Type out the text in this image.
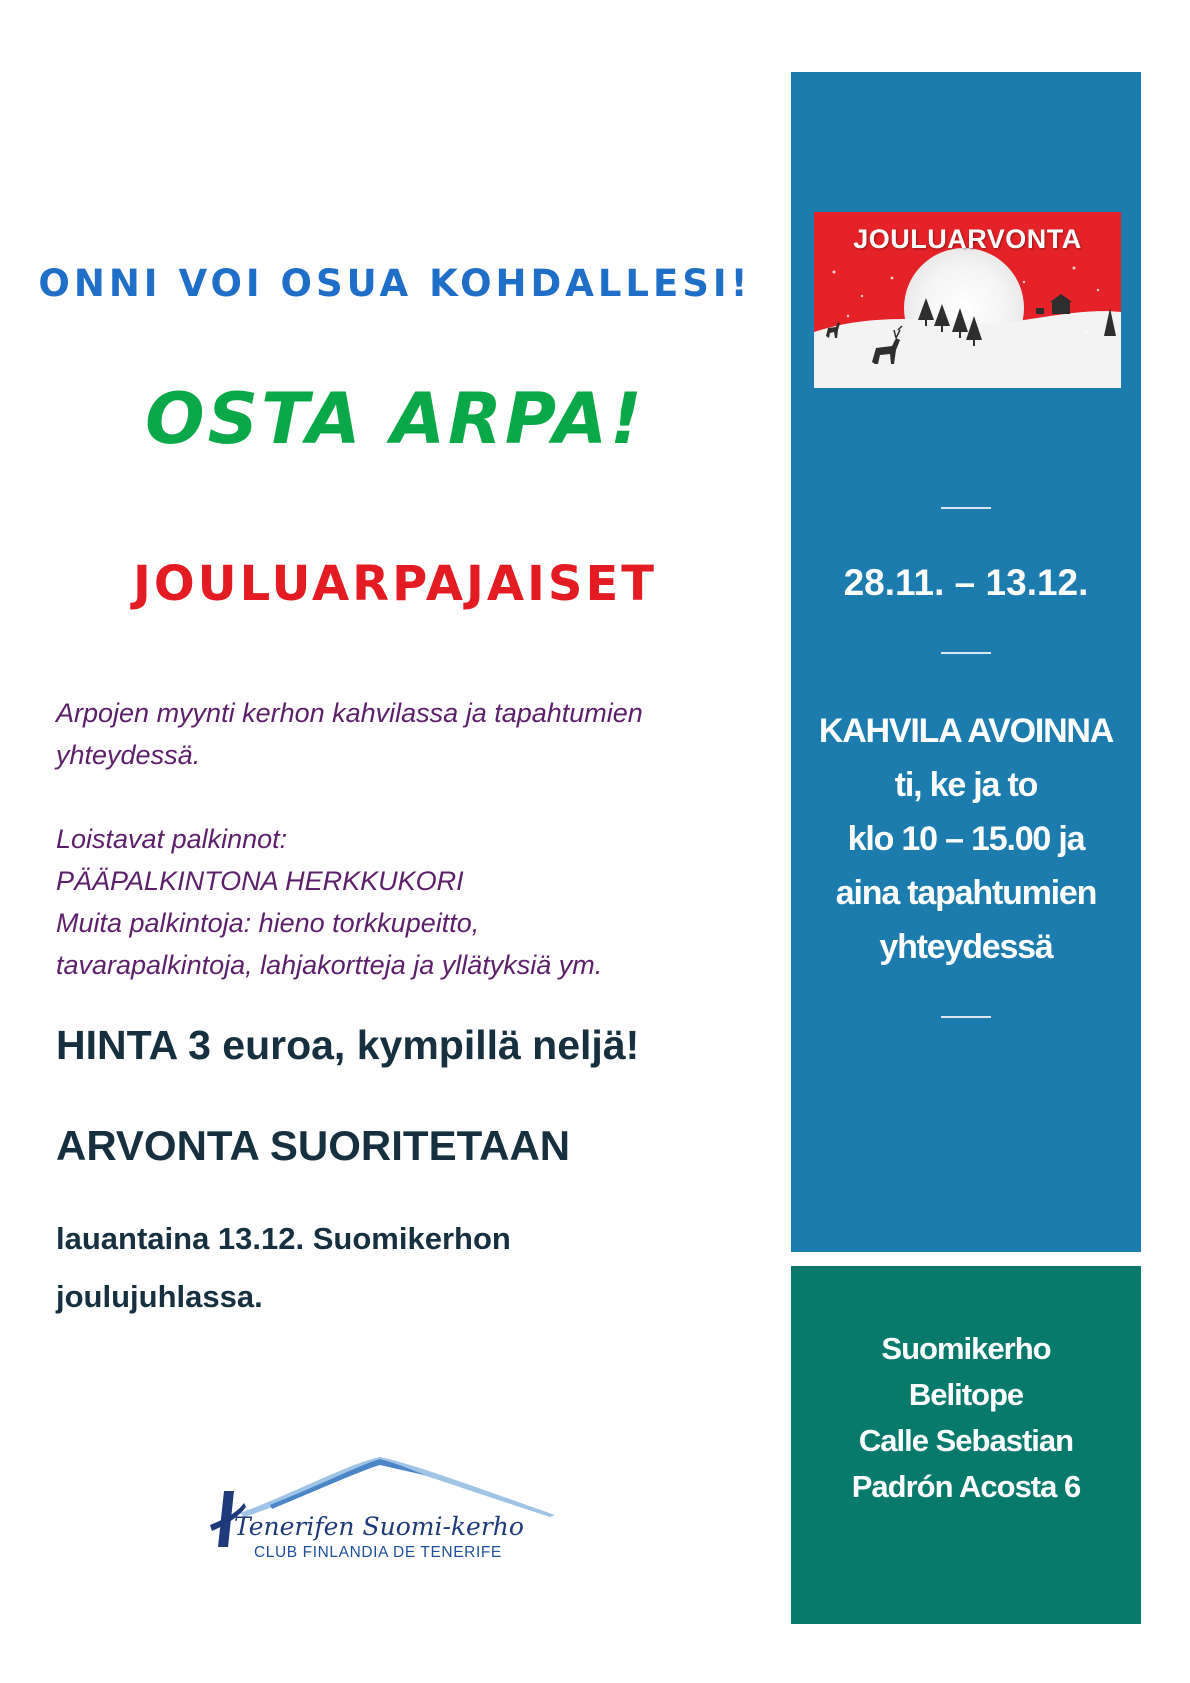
ONNI VOI OSUA KOHDALLESI!
OSTA ARPA!
JOULUARPAJAISET
Arpojen myynti kerhon kahvilassa ja tapahtumien
yhteydessä.
Loistavat palkinnot:
PÄÄPALKINTONA HERKKUKORI
Muita palkintoja: hieno torkkupeitto,
tavarapalkintoja, lahjakortteja ja yllätyksiä ym.
HINTA 3 euroa, kympillä neljä!
ARVONTA SUORITETAAN
lauantaina 13.12. Suomikerhon
joulujuhlassa.
Tenerifen Suomi-kerho
CLUB FINLANDIA DE TENERIFE
JOULUARVONTA
28.11. – 13.12.
KAHVILA AVOINNA
ti, ke ja to
klo 10 – 15.00 ja
aina tapahtumien
yhteydessä
Suomikerho
Belitope
Calle Sebastian
Padrón Acosta 6
